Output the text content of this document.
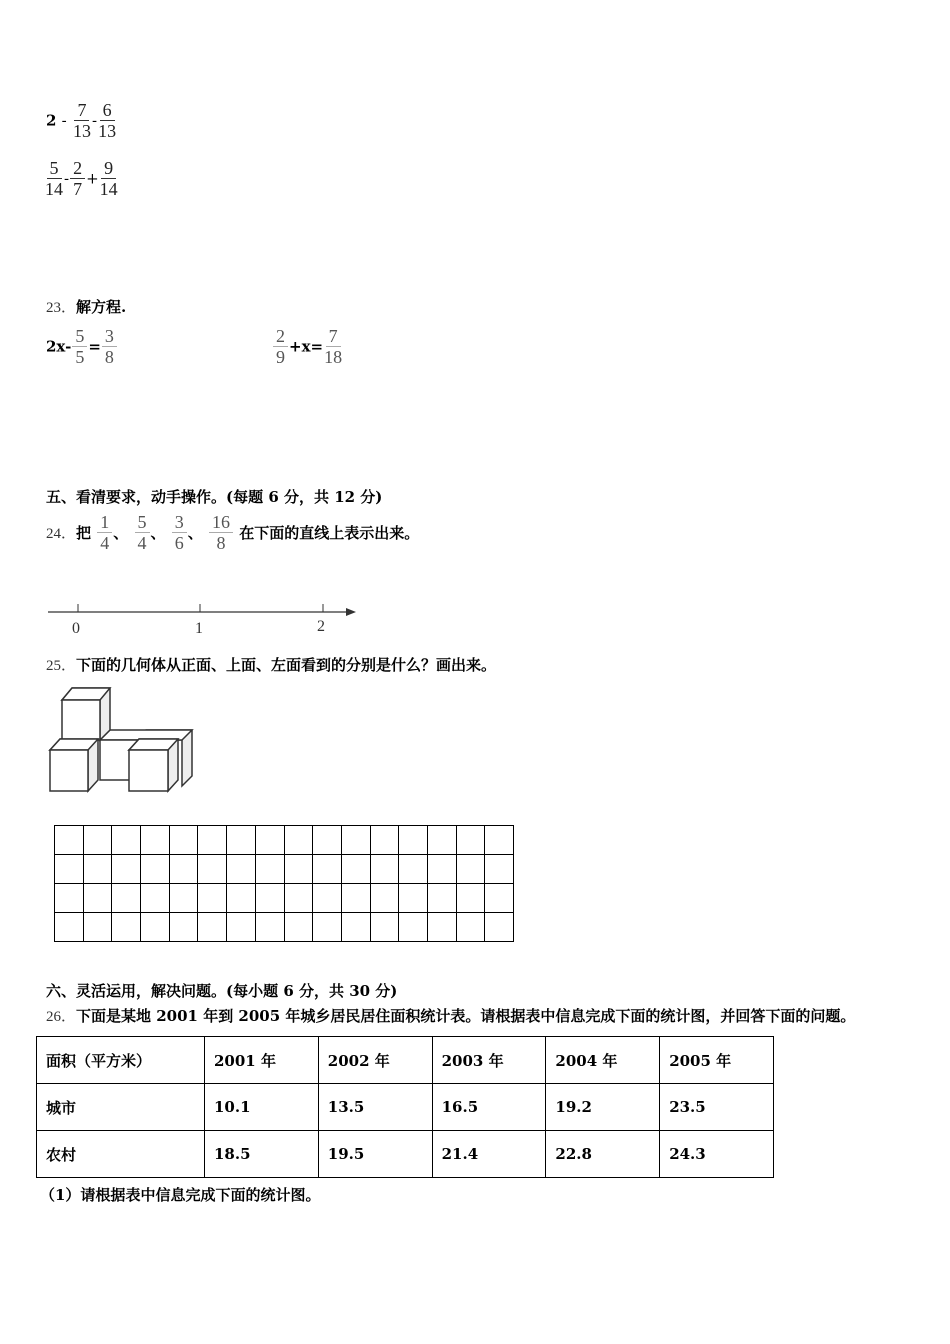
$2 - \frac{7}{13} - \frac{6}{13}$
$\frac{5}{14} - \frac{2}{7} + \frac{9}{14}$
23．解方程.
$2x- \frac{5}{5} = \frac{3}{8}$	$\frac{2}{9} +x= \frac{7}{18}$
五、看清要求，动手操作。(每题 6 分，共 12 分)
24．把 $\frac{1}{4}$ 、 $\frac{5}{4}$ 、 $\frac{3}{6}$ 、 $\frac{16}{8}$ 在下面的直线上表示出来。
0	1	2
25．下面的几何体从正面、上面、左面看到的分别是什么？画出来。

六、灵活运用，解决问题。(每小题 6 分，共 30 分)
26．下面是某地 2001 年到 2005 年城乡居民居住面积统计表。请根据表中信息完成下面的统计图，并回答下面的问题。
面积（平方米）	2001 年	2002 年	2003 年	2004 年	2005 年
城市	10.1	13.5	16.5	19.2	23.5
农村	18.5	19.5	21.4	22.8	24.3
（1）请根据表中信息完成下面的统计图。
